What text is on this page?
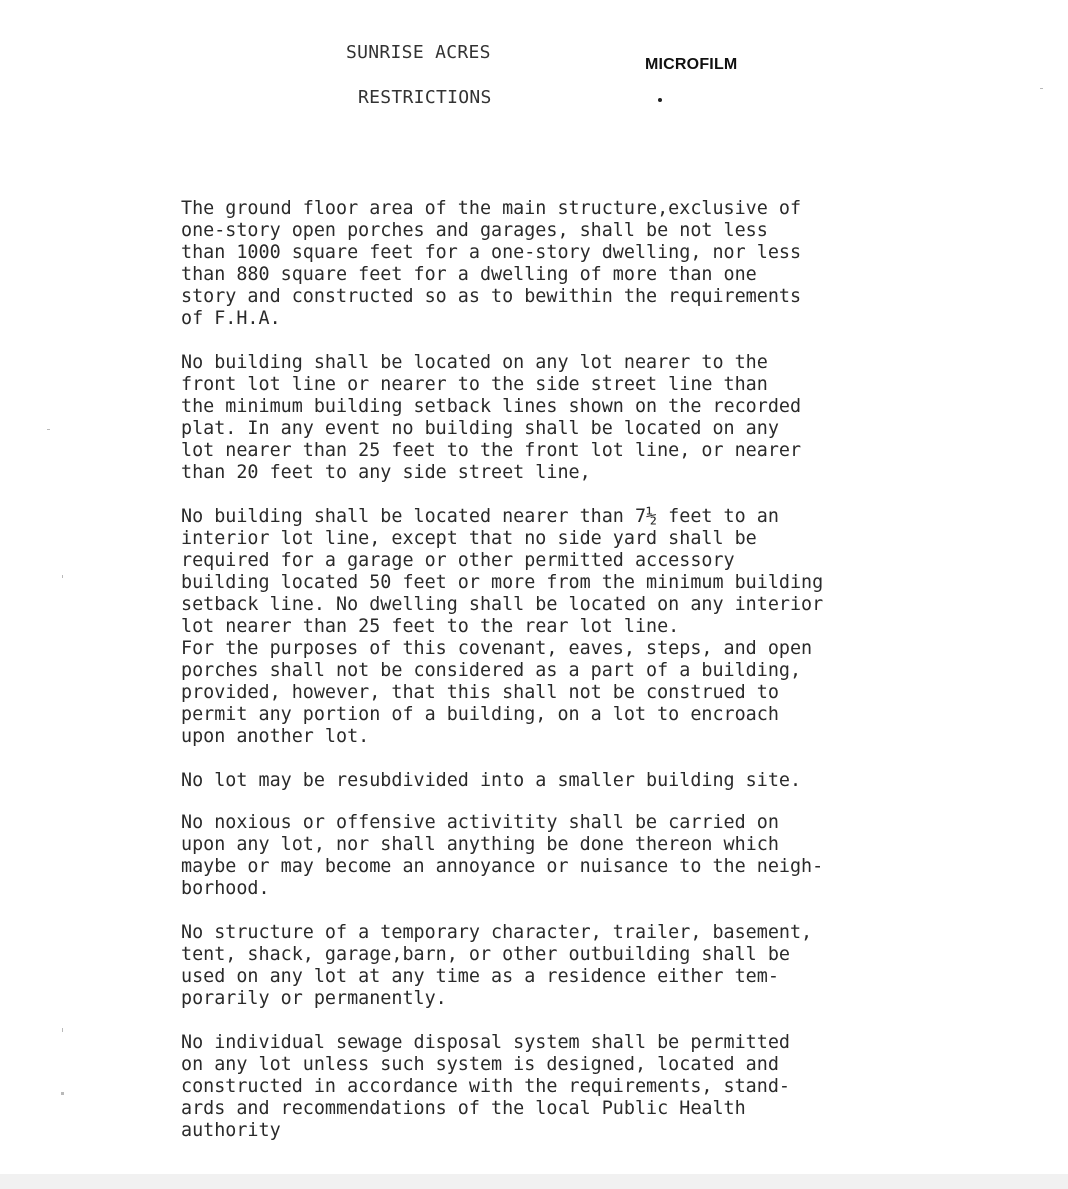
SUNRISE ACRES
MICROFILM
RESTRICTIONS

The ground floor area of the main structure,exclusive of
one-story open porches and garages, shall be not less
than 1000 square feet for a one-story dwelling, nor less
than 880 square feet for a dwelling of more than one
story and constructed so as to bewithin the requirements
of F.H.A.

No building shall be located on any lot nearer to the
front lot line or nearer to the side street line than
the minimum building setback lines shown on the recorded
plat. In any event no building shall be located on any
lot nearer than 25 feet to the front lot line, or nearer
than 20 feet to any side street line,

No building shall be located nearer than 7½ feet to an
interior lot line, except that no side yard shall be
required for a garage or other permitted accessory
building located 50 feet or more from the minimum building
setback line. No dwelling shall be located on any interior
lot nearer than 25 feet to the rear lot line.

For the purposes of this covenant, eaves, steps, and open
porches shall not be considered as a part of a building,
provided, however, that this shall not be construed to
permit any portion of a building, on a lot to encroach
upon another lot.

No lot may be resubdivided into a smaller building site.

No noxious or offensive activitity shall be carried on
upon any lot, nor shall anything be done thereon which
maybe or may become an annoyance or nuisance to the neigh-
borhood.

No structure of a temporary character, trailer, basement,
tent, shack, garage,barn, or other outbuilding shall be
used on any lot at any time as a residence either tem-
porarily or permanently.

No individual sewage disposal system shall be permitted
on any lot unless such system is designed, located and
constructed in accordance with the requirements, stand-
ards and recommendations of the local Public Health
authority
